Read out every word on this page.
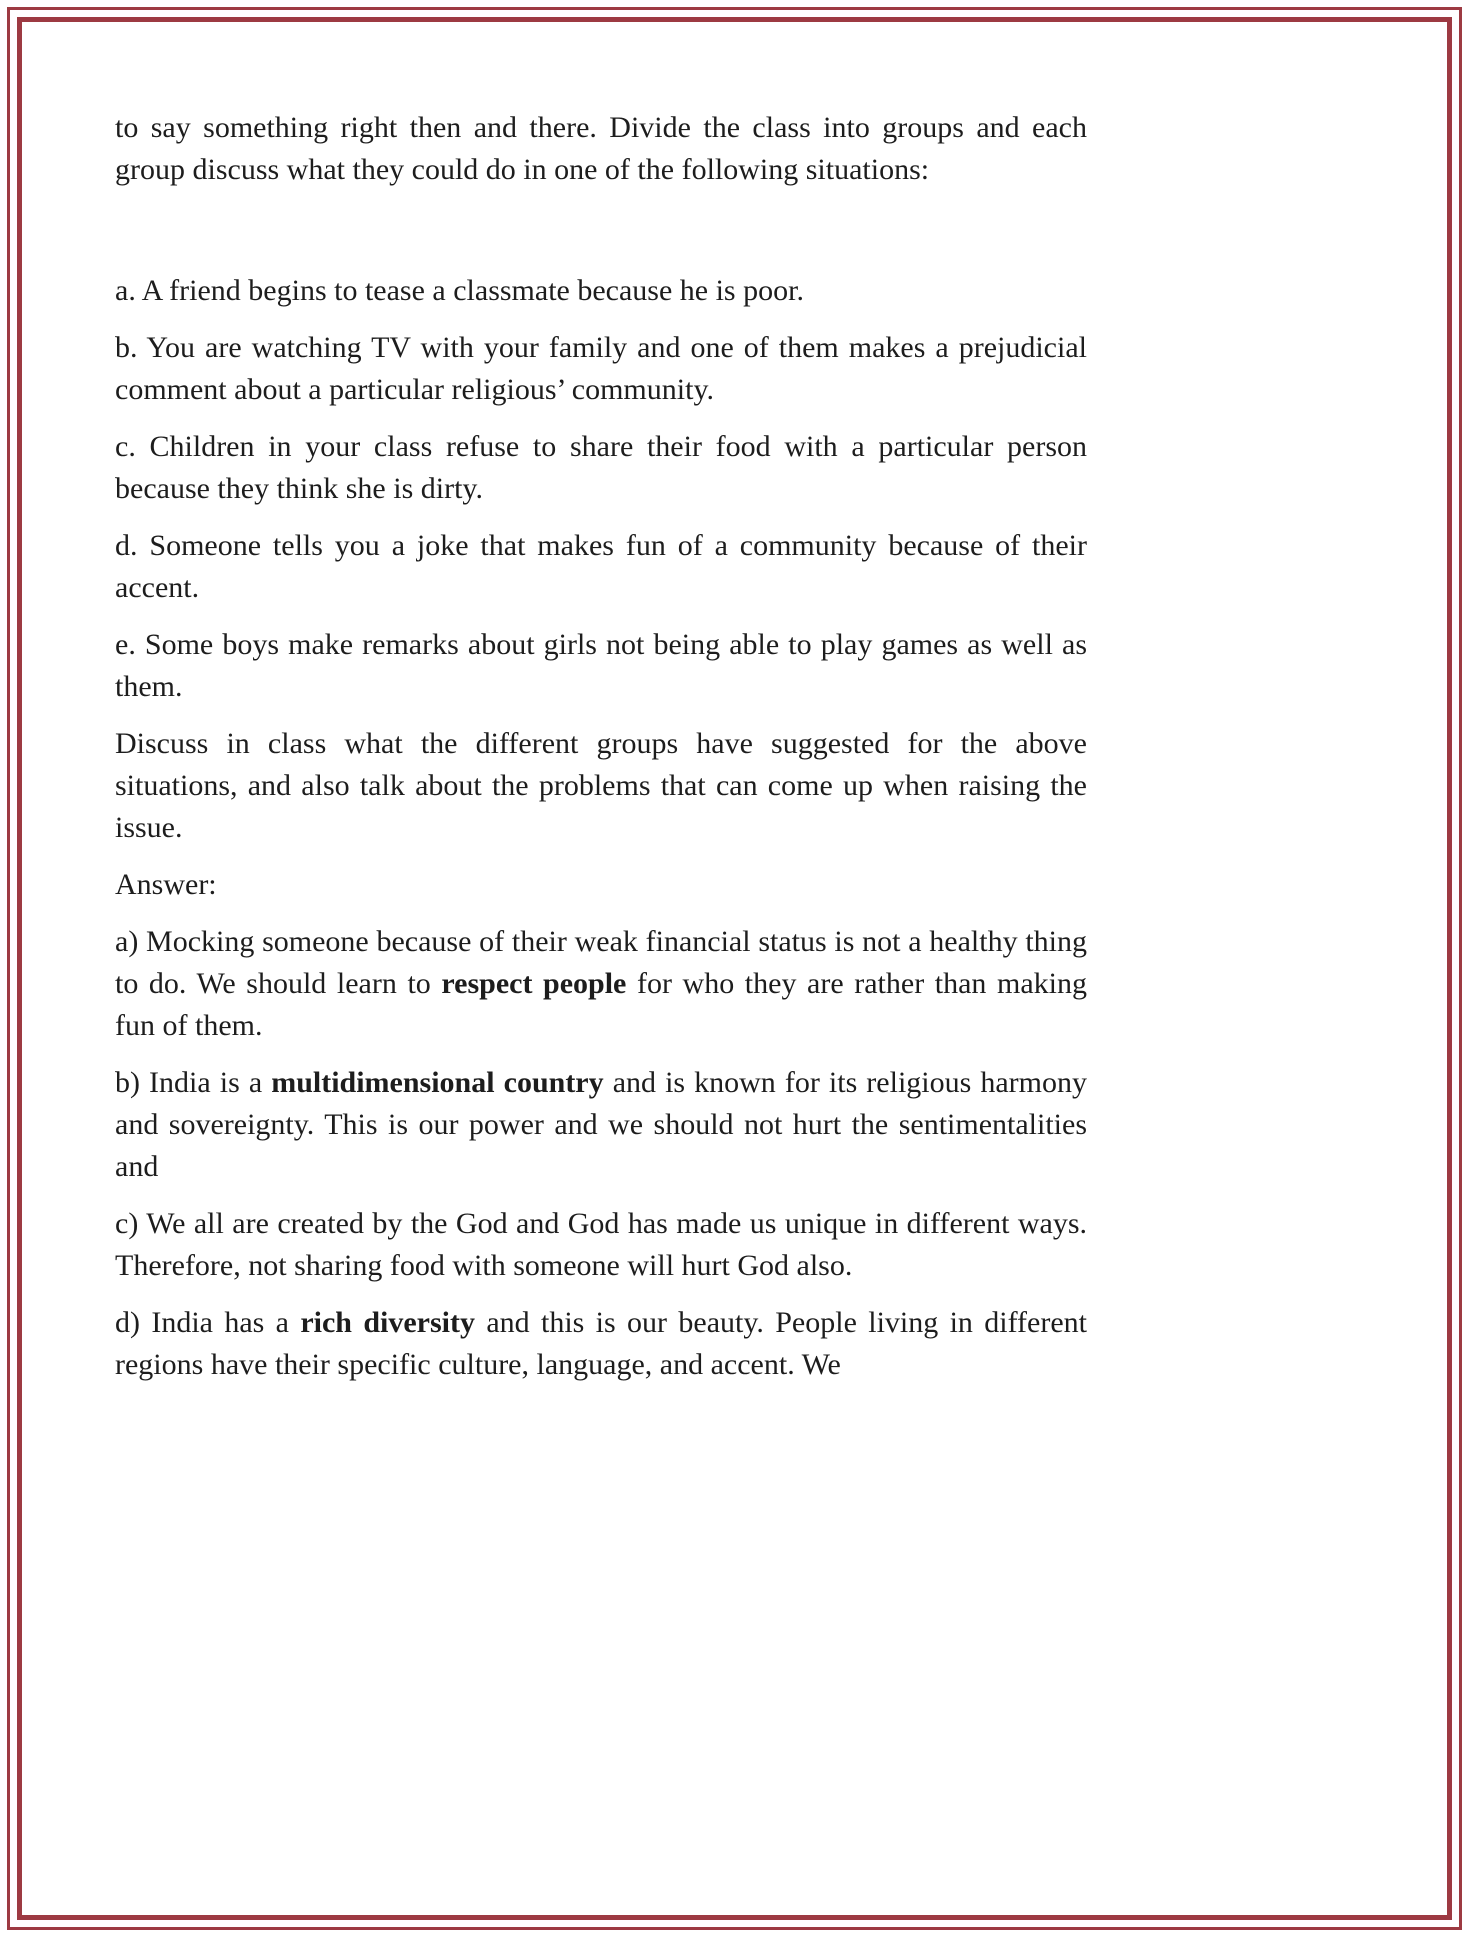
to say something right then and there. Divide the class into groups and each group discuss what they could do in one of the following situations:

a. A friend begins to tease a classmate because he is poor.

b. You are watching TV with your family and one of them makes a prejudicial comment about a particular religious’ community.

c. Children in your class refuse to share their food with a particular person because they think she is dirty.

d. Someone tells you a joke that makes fun of a community because of their accent.

e. Some boys make remarks about girls not being able to play games as well as them.

Discuss in class what the different groups have suggested for the above situations, and also talk about the problems that can come up when raising the issue.

Answer:

a) Mocking someone because of their weak financial status is not a healthy thing to do. We should learn to respect people for who they are rather than making fun of them.

b) India is a multidimensional country and is known for its religious harmony and sovereignty. This is our power and we should not hurt the sentimentalities and

c) We all are created by the God and God has made us unique in different ways. Therefore, not sharing food with someone will hurt God also.

d) India has a rich diversity and this is our beauty. People living in different regions have their specific culture, language, and accent. We
